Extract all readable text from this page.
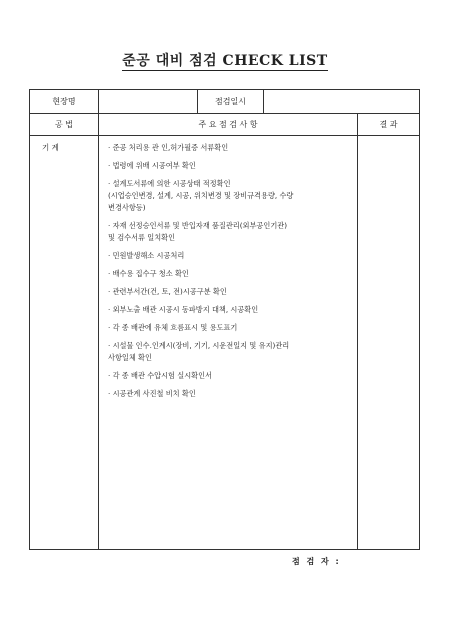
준공 대비 점검 CHECK LIST
현장명	점검일시
공 법	주 요 점 검 사 항	결 과
기 계	· 준공 처리용 관 인,허가필증 서류확인
· 법령에 위배 시공여부 확인
· 설계도서류에 의한 시공상태 적정확인
(시업승인변경, 설계, 시공, 위치변경 및 장비규격용량, 수량
변경사항등)
· 자재 선정승인서류 및 반입자재 품질관리(외부공인기관)
및 검수서류 일치확인
· 민원발생해소 시공처리
· 배수용 집수구 청소 확인
· 관련부서간(건, 토, 전)시공구분 확인
· 외부노출 배관 시공시 동파방지 대책, 시공확인
· 각 종 배관에 유체 흐름표시 및 용도표기
· 시설물 인수.인계시(장비, 기기, 시운전일지 및 유지)관리
사항일체 확인
· 각 종 배관 수압시험 실시확인서
· 시공관계 사진철 비치 확인
점 검 자 :
